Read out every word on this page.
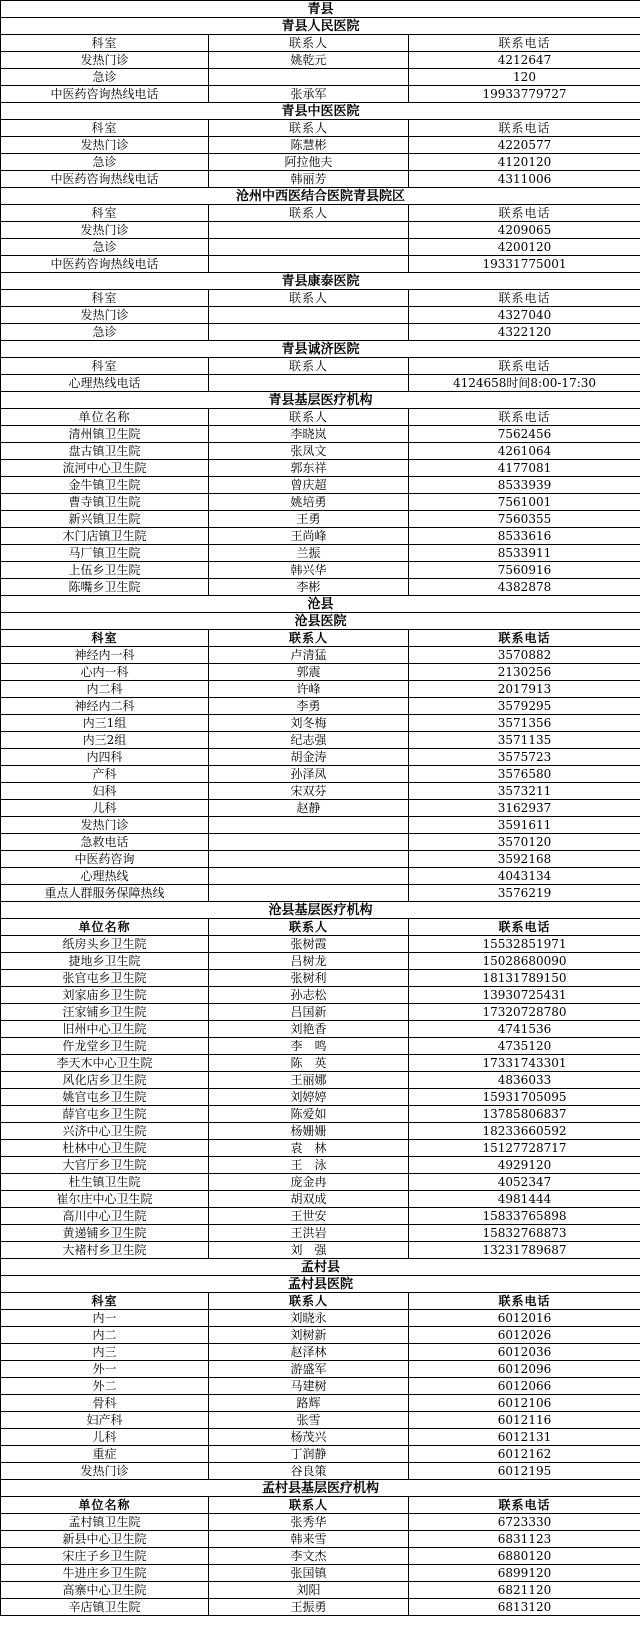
青县		
青县人民医院		
科室	联系人	联系电话
发热门诊	姚乾元	4212647
急诊		120
中医药咨询热线电话	张承军	19933779727
青县中医医院		
科室	联系人	联系电话
发热门诊	陈慧彬	4220577
急诊	阿拉他夫	4120120
中医药咨询热线电话	韩丽芳	4311006
沧州中西医结合医院青县院区		
科室	联系人	联系电话
发热门诊		4209065
急诊		4200120
中医药咨询热线电话		19331775001
青县康泰医院		
科室	联系人	联系电话
发热门诊		4327040
急诊		4322120
青县诚济医院		
科室	联系人	联系电话
心理热线电话		4124658时间8:00-17:30
青县基层医疗机构		
单位名称	联系人	联系电话
清州镇卫生院	李晓岚	7562456
盘古镇卫生院	张凤文	4261064
流河中心卫生院	郭东祥	4177081
金牛镇卫生院	曾庆超	8533939
曹寺镇卫生院	姚培勇	7561001
新兴镇卫生院	王勇	7560355
木门店镇卫生院	王尚峰	8533616
马厂镇卫生院	兰振	8533911
上伍乡卫生院	韩兴华	7560916
陈嘴乡卫生院	李彬	4382878
沧县		
沧县医院		
科室	联系人	联系电话
神经内一科	卢清猛	3570882
心内一科	郭震	2130256
内二科	许峰	2017913
神经内二科	李勇	3579295
内三1组	刘冬梅	3571356
内三2组	纪志强	3571135
内四科	胡金涛	3575723
产科	孙泽凤	3576580
妇科	宋双芬	3573211
儿科	赵静	3162937
发热门诊		3591611
急救电话		3570120
中医药咨询		3592168
心理热线		4043134
重点人群服务保障热线		3576219
沧县基层医疗机构		
单位名称	联系人	联系电话
纸房头乡卫生院	张树霞	15532851971
捷地乡卫生院	吕树龙	15028680090
张官屯乡卫生院	张树利	18131789150
刘家庙乡卫生院	孙志松	13930725431
汪家铺乡卫生院	吕国新	17320728780
旧州中心卫生院	刘艳香	4741536
仵龙堂乡卫生院	李　鸣	4735120
李天木中心卫生院	陈　英	17331743301
风化店乡卫生院	王丽娜	4836033
姚官屯乡卫生院	刘婷婷	15931705095
薛官屯乡卫生院	陈爱如	13785806837
兴济中心卫生院	杨姗姗	18233660592
杜林中心卫生院	袁　林	15127728717
大官厅乡卫生院	王　泳	4929120
杜生镇卫生院	庞金冉	4052347
崔尔庄中心卫生院	胡双成	4981444
高川中心卫生院	王世安	15833765898
黄递铺乡卫生院	王洪岩	15832768873
大褚村乡卫生院	刘　强	13231789687
孟村县		
孟村县医院		
科室	联系人	联系电话
内一	刘晓永	6012016
内二	刘树新	6012026
内三	赵泽林	6012036
外一	游盛军	6012096
外二	马建树	6012066
骨科	路辉	6012106
妇产科	张雪	6012116
儿科	杨茂兴	6012131
重症	丁润静	6012162
发热门诊	谷良策	6012195
孟村县基层医疗机构		
单位名称	联系人	联系电话
孟村镇卫生院	张秀华	6723330
新县中心卫生院	韩来雪	6831123
宋庄子乡卫生院	李文杰	6880120
牛进庄乡卫生院	张国镇	6899120
高寨中心卫生院	刘阳	6821120
辛店镇卫生院	王振勇	6813120
